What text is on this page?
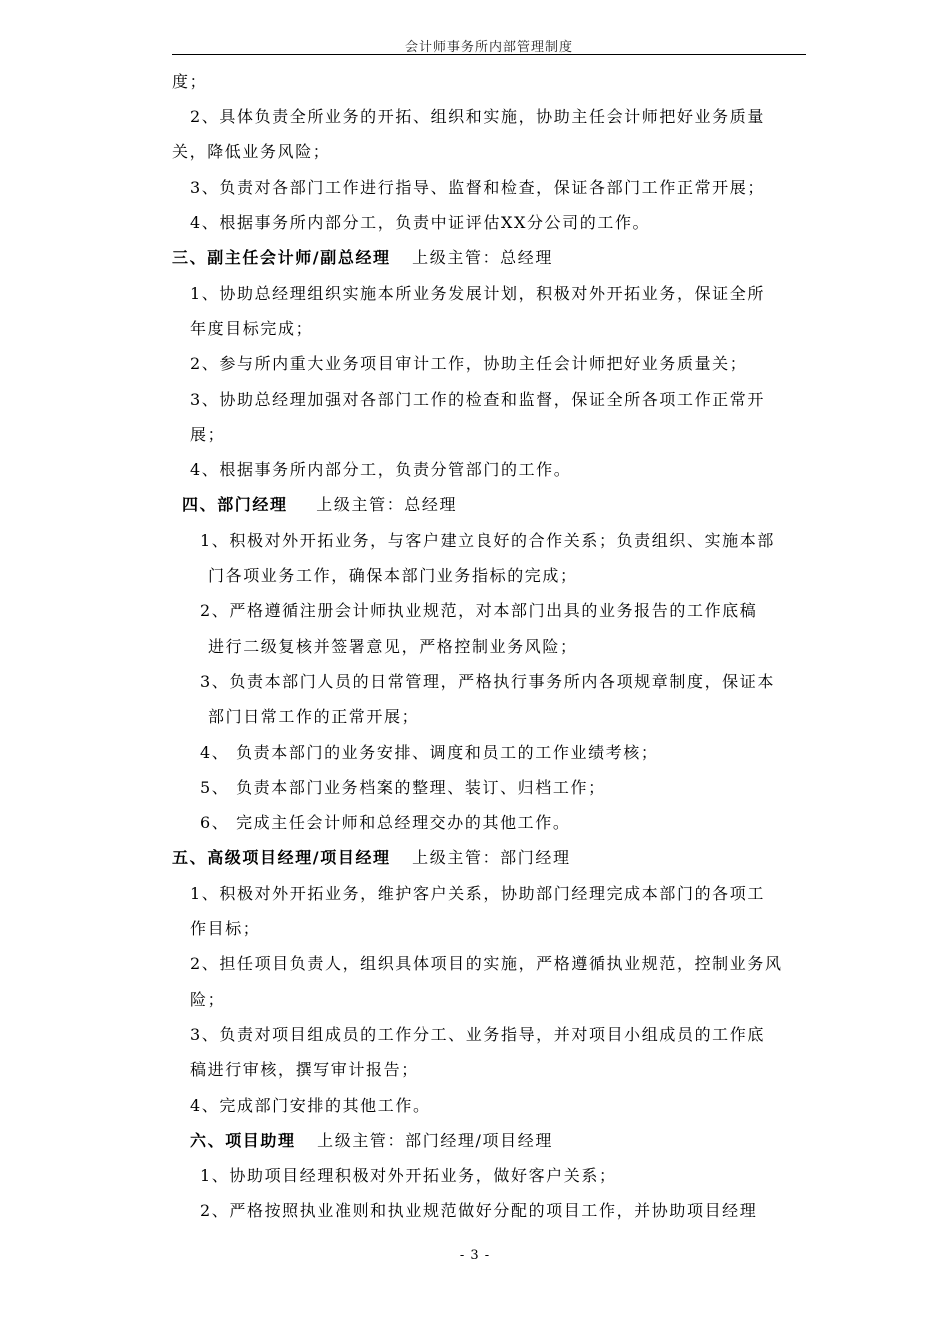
会计师事务所内部管理制度
度；
2、具体负责全所业务的开拓、组织和实施，协助主任会计师把好业务质量
关，降低业务风险；
3、负责对各部门工作进行指导、监督和检查，保证各部门工作正常开展；
4、根据事务所内部分工，负责中证评估XX分公司的工作。
三、副主任会计师/副总经理 上级主管：总经理
1、协助总经理组织实施本所业务发展计划，积极对外开拓业务，保证全所
年度目标完成；
2、参与所内重大业务项目审计工作，协助主任会计师把好业务质量关；
3、协助总经理加强对各部门工作的检查和监督，保证全所各项工作正常开
展；
4、根据事务所内部分工，负责分管部门的工作。
四、部门经理 上级主管：总经理
1、积极对外开拓业务，与客户建立良好的合作关系；负责组织、实施本部
门各项业务工作，确保本部门业务指标的完成；
2、严格遵循注册会计师执业规范，对本部门出具的业务报告的工作底稿
进行二级复核并签署意见，严格控制业务风险；
3、负责本部门人员的日常管理，严格执行事务所内各项规章制度，保证本
部门日常工作的正常开展；
4、 负责本部门的业务安排、调度和员工的工作业绩考核；
5、 负责本部门业务档案的整理、装订、归档工作；
6、 完成主任会计师和总经理交办的其他工作。
五、高级项目经理/项目经理 上级主管：部门经理
1、积极对外开拓业务，维护客户关系，协助部门经理完成本部门的各项工
作目标；
2、担任项目负责人，组织具体项目的实施，严格遵循执业规范，控制业务风
险；
3、负责对项目组成员的工作分工、业务指导，并对项目小组成员的工作底
稿进行审核，撰写审计报告；
4、完成部门安排的其他工作。
六、项目助理 上级主管：部门经理/项目经理
1、协助项目经理积极对外开拓业务，做好客户关系；
2、严格按照执业准则和执业规范做好分配的项目工作，并协助项目经理
- 3 -
